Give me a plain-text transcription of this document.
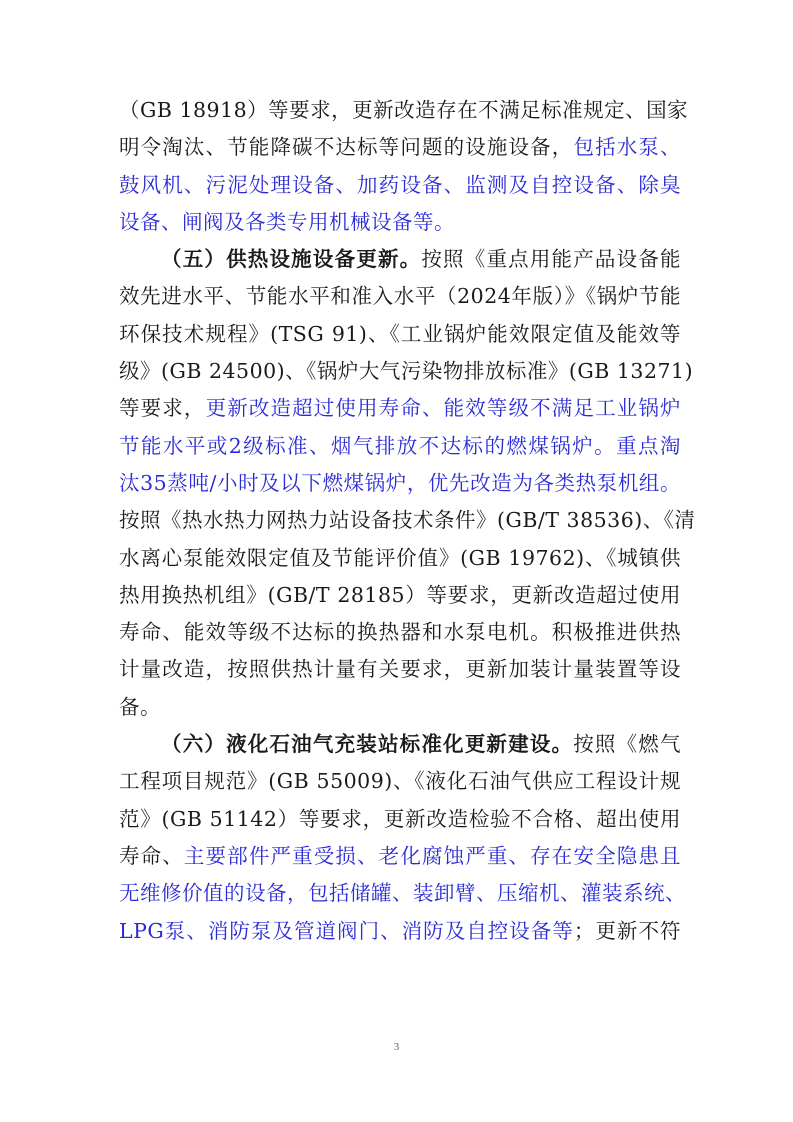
（GB 18918）等要求，更新改造存在不满足标准规定、国家
明令淘汰、节能降碳不达标等问题的设施设备，包括水泵、
鼓风机、污泥处理设备、加药设备、监测及自控设备、除臭
设备、闸阀及各类专用机械设备等。
（五）供热设施设备更新。按照《重点用能产品设备能
效先进水平、节能水平和准入水平（2024年版）》《锅炉节能
环保技术规程》(TSG 91)、《工业锅炉能效限定值及能效等
级》(GB 24500)、《锅炉大气污染物排放标准》(GB 13271)
等要求，更新改造超过使用寿命、能效等级不满足工业锅炉
节能水平或2级标准、烟气排放不达标的燃煤锅炉。重点淘
汰35蒸吨/小时及以下燃煤锅炉，优先改造为各类热泵机组。
按照《热水热力网热力站设备技术条件》(GB/T 38536)、《清
水离心泵能效限定值及节能评价值》(GB 19762)、《城镇供
热用换热机组》(GB/T 28185）等要求，更新改造超过使用
寿命、能效等级不达标的换热器和水泵电机。积极推进供热
计量改造，按照供热计量有关要求，更新加装计量装置等设
备。
（六）液化石油气充装站标准化更新建设。按照《燃气
工程项目规范》(GB 55009)、《液化石油气供应工程设计规
范》(GB 51142）等要求，更新改造检验不合格、超出使用
寿命、主要部件严重受损、老化腐蚀严重、存在安全隐患且
无维修价值的设备，包括储罐、装卸臂、压缩机、灌装系统、
LPG泵、消防泵及管道阀门、消防及自控设备等；更新不符
3
